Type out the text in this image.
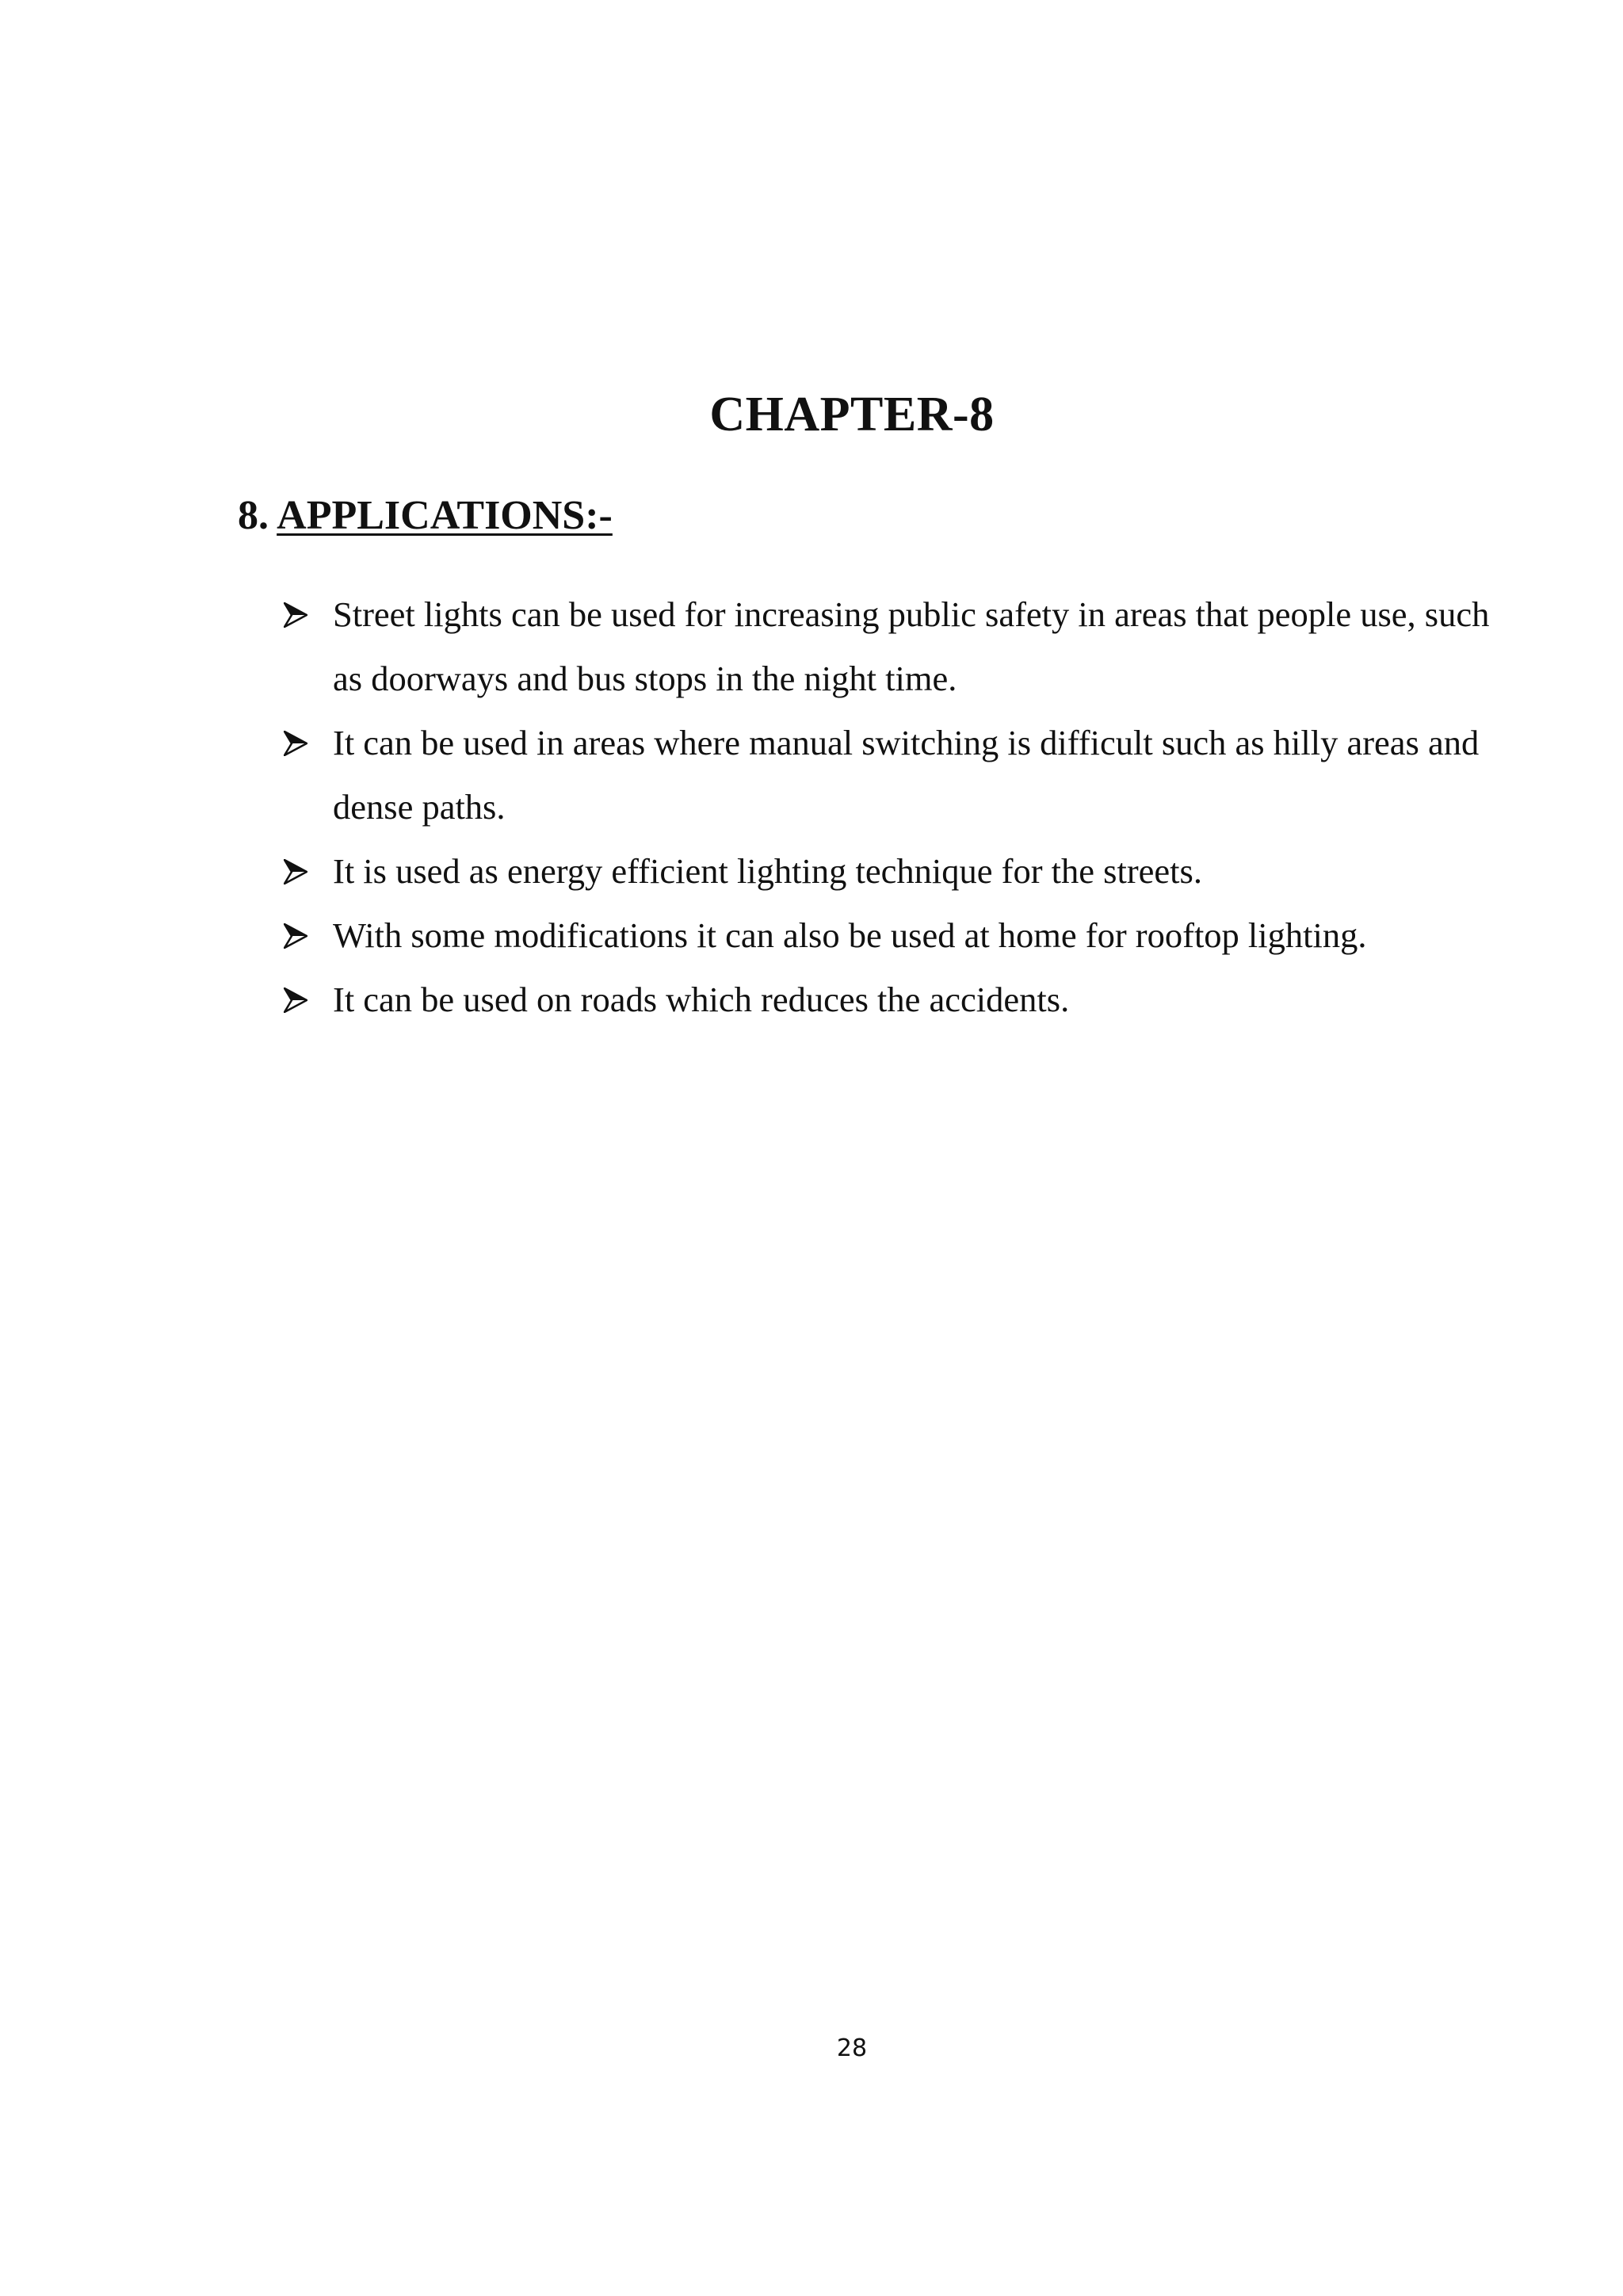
CHAPTER-8
8. APPLICATIONS:-
Street lights can be used for increasing public safety in areas that people use, such as doorways and bus stops in the night time.
It can be used in areas where manual switching is difficult such as hilly areas and dense paths.
It is used as energy efficient lighting technique for the streets.
With some modifications it can also be used at home for rooftop lighting.
It can be used on roads which reduces the accidents.

28
